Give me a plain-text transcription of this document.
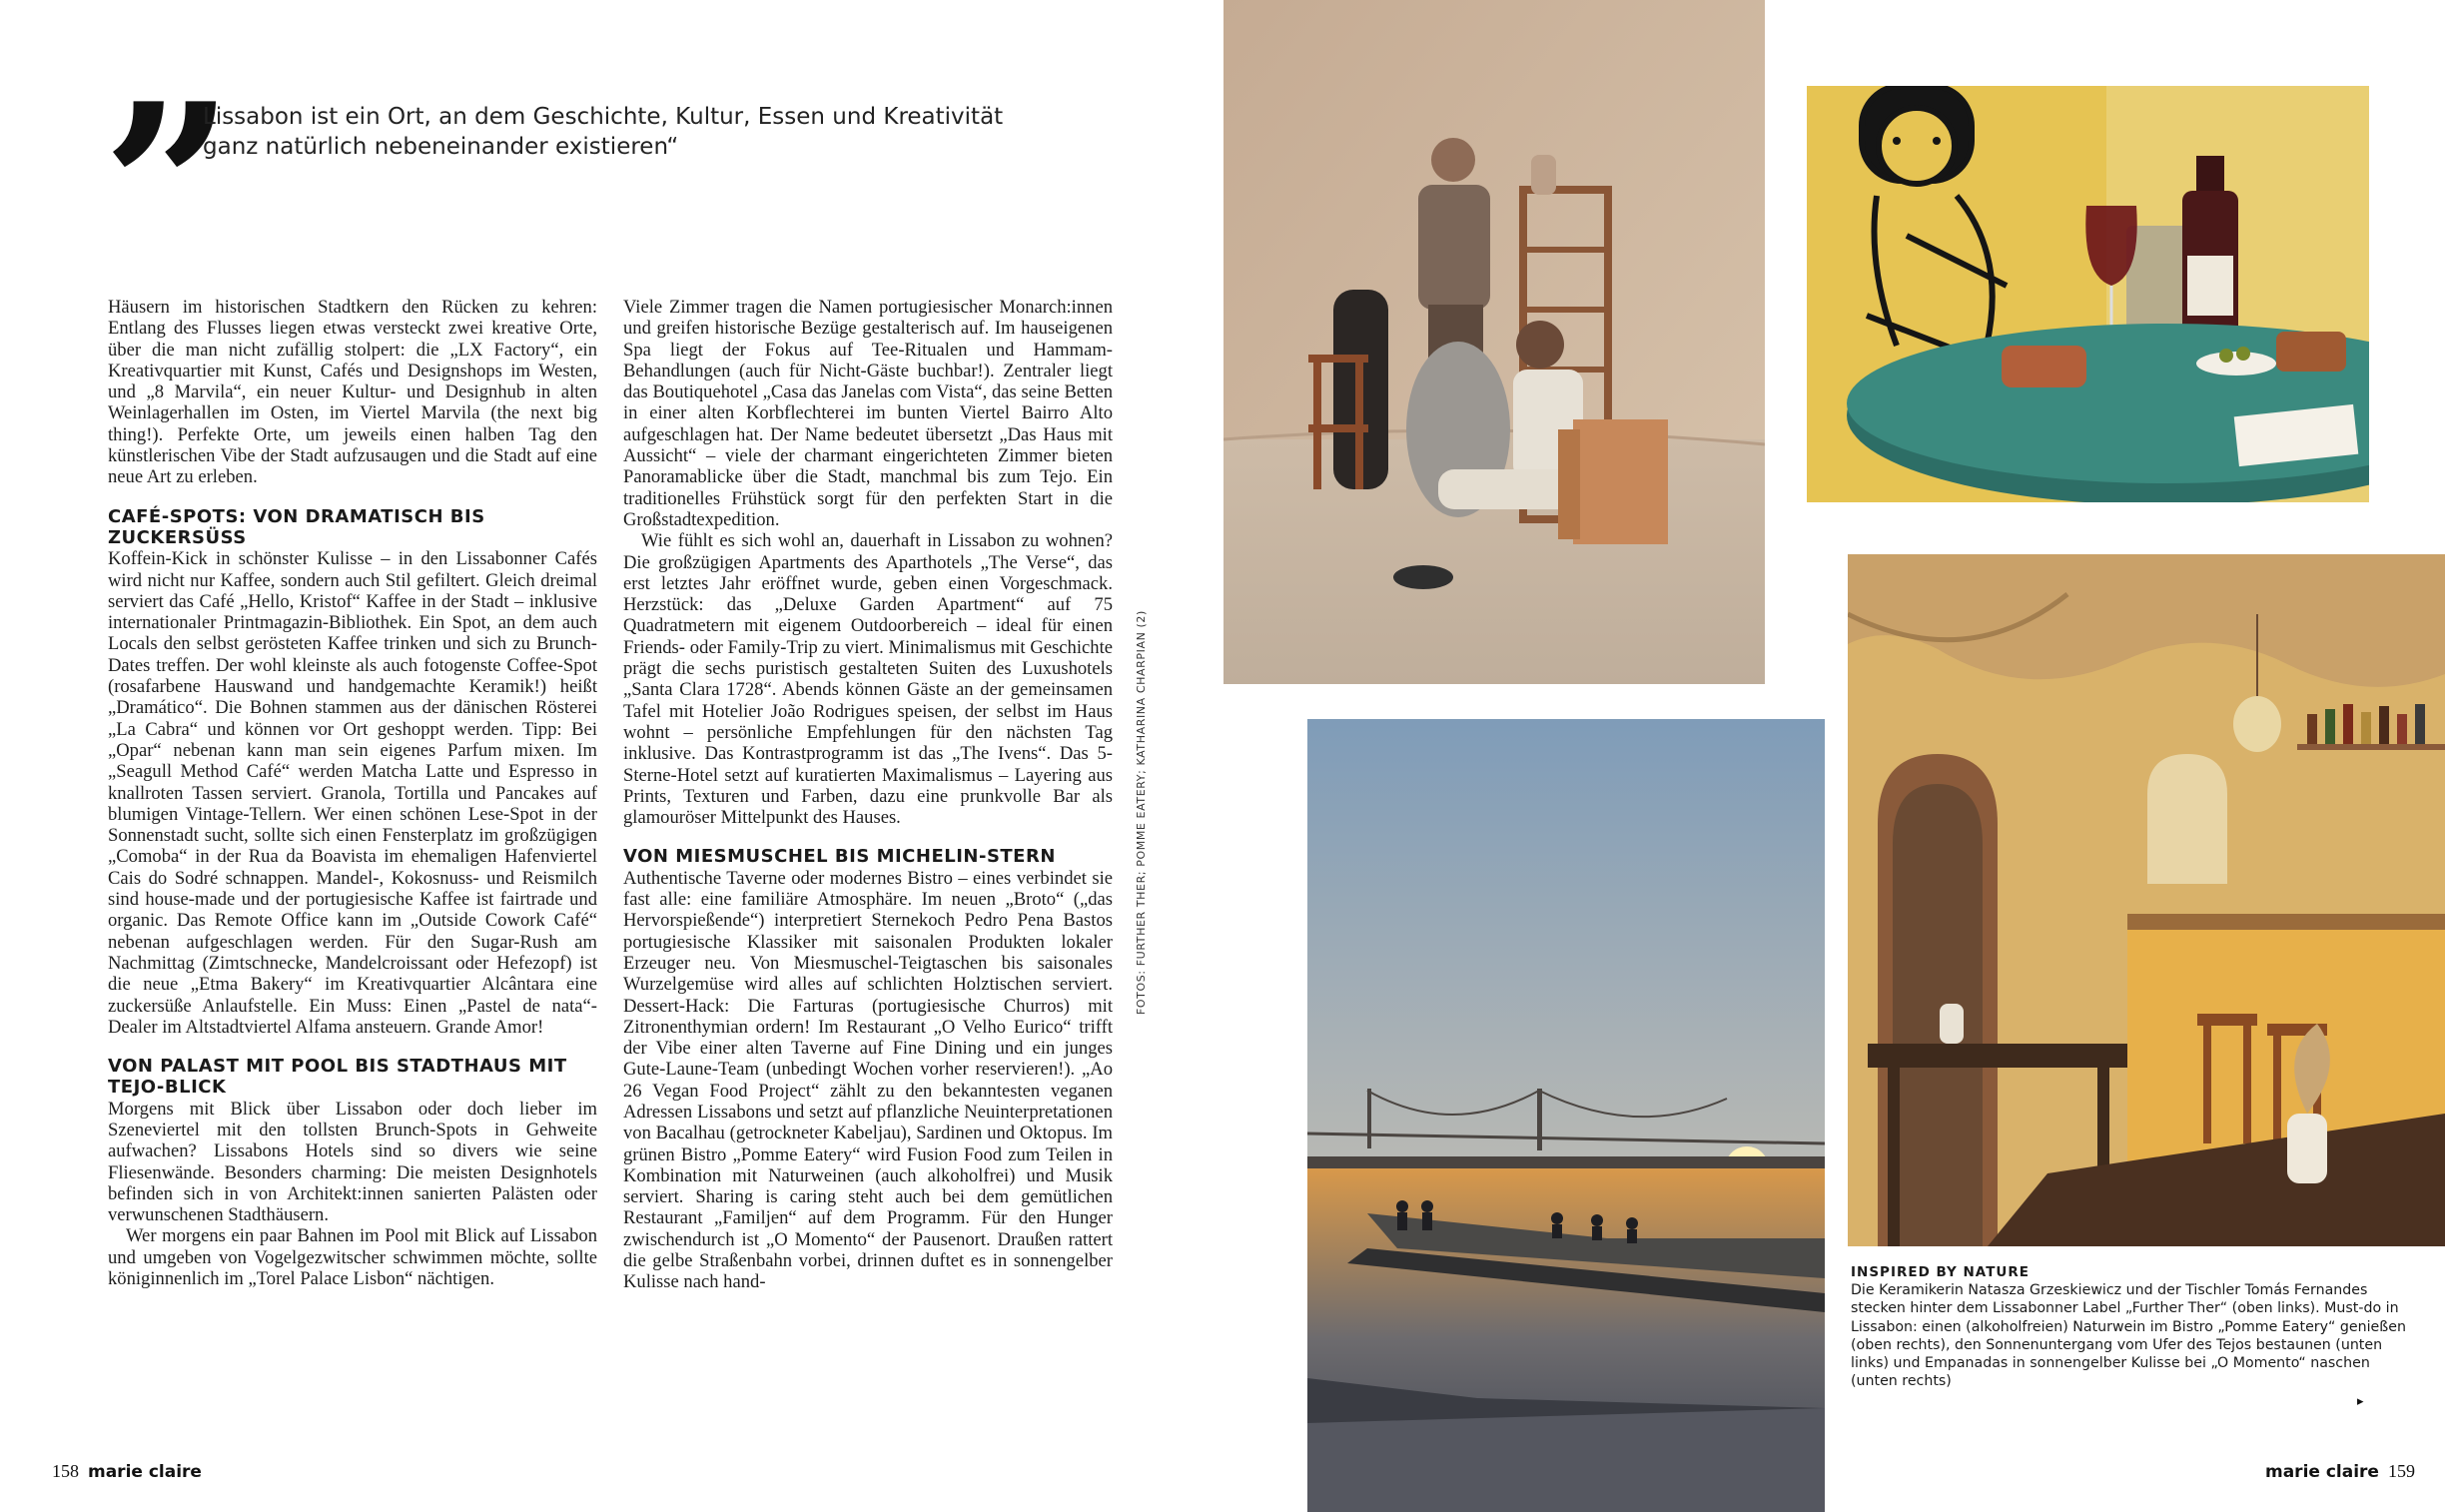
”
Lissabon ist ein Ort, an dem Geschichte, Kultur, Essen und Kreativität ganz natürlich nebeneinander existieren“

Häusern im historischen Stadtkern den Rücken zu kehren: Entlang des Flusses liegen etwas versteckt zwei kreative Orte, über die man nicht zufällig stolpert: die „LX Factory“, ein Kreativquartier mit Kunst, Cafés und Designshops im Westen, und „8 Marvila“, ein neuer Kultur- und Designhub in alten Weinlagerhallen im Osten, im Viertel Marvila (the next big thing!). Perfekte Orte, um jeweils einen halben Tag den künstlerischen Vibe der Stadt aufzusaugen und die Stadt auf eine neue Art zu erleben.

CAFÉ-SPOTS: VON DRAMATISCH BIS ZUCKERSÜSS

Koffein-Kick in schönster Kulisse – in den Lissabonner Cafés wird nicht nur Kaffee, sondern auch Stil gefiltert. Gleich dreimal serviert das Café „Hello, Kristof“ Kaffee in der Stadt – inklusive internationaler Printmagazin-Bibliothek. Ein Spot, an dem auch Locals den selbst gerösteten Kaffee trinken und sich zu Brunch-Dates treffen. Der wohl kleinste als auch fotogenste Coffee-Spot (rosafarbene Hauswand und handgemachte Keramik!) heißt „Dramático“. Die Bohnen stammen aus der dänischen Rösterei „La Cabra“ und können vor Ort geshoppt werden. Tipp: Bei „Opar“ nebenan kann man sein eigenes Parfum mixen. Im „Seagull Method Café“ werden Matcha Latte und Espresso in knallroten Tassen serviert. Granola, Tortilla und Pancakes auf blumigen Vintage-Tellern. Wer einen schönen Lese-Spot in der Sonnenstadt sucht, sollte sich einen Fensterplatz im großzügigen „Comoba“ in der Rua da Boavista im ehemaligen Hafenviertel Cais do Sodré schnappen. Mandel-, Kokosnuss- und Reismilch sind house-made und der portugiesische Kaffee ist fairtrade und organic. Das Remote Office kann im „Outside Cowork Café“ nebenan aufgeschlagen werden. Für den Sugar-Rush am Nachmittag (Zimtschnecke, Mandelcroissant oder Hefezopf) ist die neue „Etma Bakery“ im Kreativquartier Alcântara eine zuckersüße Anlaufstelle. Ein Muss: Einen „Pastel de nata“-Dealer im Altstadtviertel Alfama ansteuern. Grande Amor!

VON PALAST MIT POOL BIS STADTHAUS MIT TEJO-BLICK

Morgens mit Blick über Lissabon oder doch lieber im Szeneviertel mit den tollsten Brunch-Spots in Gehweite aufwachen? Lissabons Hotels sind so divers wie seine Fliesenwände. Besonders charming: Die meisten Designhotels befinden sich in von Architekt:innen sanierten Palästen oder verwunschenen Stadthäusern.

Wer morgens ein paar Bahnen im Pool mit Blick auf Lissabon und umgeben von Vogelgezwitscher schwimmen möchte, sollte königinnenlich im „Torel Palace Lisbon“ nächtigen.

Viele Zimmer tragen die Namen portugiesischer Monarch:innen und greifen historische Bezüge gestalterisch auf. Im hauseigenen Spa liegt der Fokus auf Tee-Ritualen und Hammam-Behandlungen (auch für Nicht-Gäste buchbar!). Zentraler liegt das Boutiquehotel „Casa das Janelas com Vista“, das seine Betten in einer alten Korbflechterei im bunten Viertel Bairro Alto aufgeschlagen hat. Der Name bedeutet übersetzt „Das Haus mit Aussicht“ – viele der charmant eingerichteten Zimmer bieten Panoramablicke über die Stadt, manchmal bis zum Tejo. Ein traditionelles Frühstück sorgt für den perfekten Start in die Großstadtexpedition.

Wie fühlt es sich wohl an, dauerhaft in Lissabon zu wohnen? Die großzügigen Apartments des Aparthotels „The Verse“, das erst letztes Jahr eröffnet wurde, geben einen Vorgeschmack. Herzstück: das „Deluxe Garden Apartment“ auf 75 Quadratmetern mit eigenem Outdoorbereich – ideal für einen Friends- oder Family-Trip zu viert. Minimalismus mit Geschichte prägt die sechs puristisch gestalteten Suiten des Luxushotels „Santa Clara 1728“. Abends können Gäste an der gemeinsamen Tafel mit Hotelier João Rodrigues speisen, der selbst im Haus wohnt – persönliche Empfehlungen für den nächsten Tag inklusive. Das Kontrastprogramm ist das „The Ivens“. Das 5-Sterne-Hotel setzt auf kuratierten Maximalismus – Layering aus Prints, Texturen und Farben, dazu eine prunkvolle Bar als glamouröser Mittelpunkt des Hauses.

VON MIESMUSCHEL BIS MICHELIN-STERN

Authentische Taverne oder modernes Bistro – eines verbindet sie fast alle: eine familiäre Atmosphäre. Im neuen „Broto“ („das Hervorspießende“) interpretiert Sternekoch Pedro Pena Bastos portugiesische Klassiker mit saisonalen Produkten lokaler Erzeuger neu. Von Miesmuschel-Teigtaschen bis saisonales Wurzelgemüse wird alles auf schlichten Holztischen serviert. Dessert-Hack: Die Farturas (portugiesische Churros) mit Zitronenthymian ordern! Im Restaurant „O Velho Eurico“ trifft der Vibe einer alten Taverne auf Fine Dining und ein junges Gute-Laune-Team (unbedingt Wochen vorher reservieren!). „Ao 26 Vegan Food Project“ zählt zu den bekanntesten veganen Adressen Lissabons und setzt auf pflanzliche Neuinterpretationen von Bacalhau (getrockneter Kabeljau), Sardinen und Oktopus. Im grünen Bistro „Pomme Eatery“ wird Fusion Food zum Teilen in Kombination mit Naturweinen (auch alkoholfrei) und Musik serviert. Sharing is caring steht auch bei dem gemütlichen Restaurant „Familjen“ auf dem Programm. Für den Hunger zwischendurch ist „O Momento“ der Pausenort. Draußen rattert die gelbe Straßenbahn vorbei, drinnen duftet es in sonnengelber Kulisse nach hand-

FOTOS: FURTHER THER; POMME EATERY; KATHARINA CHARPIAN (2)
158 marie claire
INSPIRED BY NATURE
Die Keramikerin Natasza Grzeskiewicz und der Tischler Tomás Fernandes stecken hinter dem Lissabonner Label „Further Ther“ (oben links). Must-do in Lissabon: einen (alkoholfreien) Naturwein im Bistro „Pomme Eatery“ genießen (oben rechts), den Sonnenuntergang vom Ufer des Tejos bestaunen (unten links) und Empanadas in sonnengelber Kulisse bei „O Momento“ naschen (unten rechts)
▸
marie claire 159
